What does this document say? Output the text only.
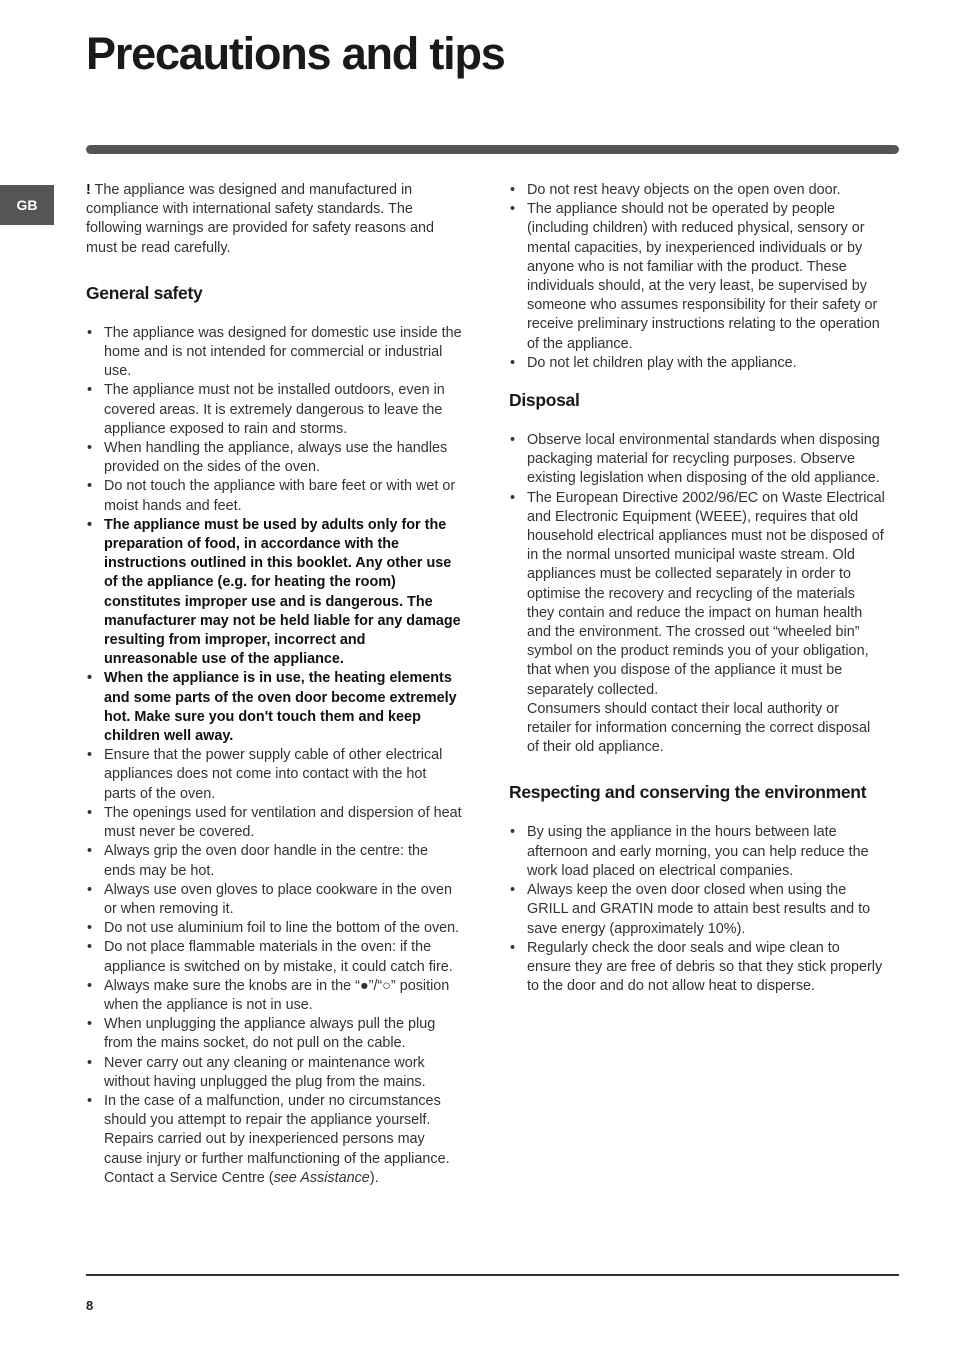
Precautions and tips
GB

! The appliance was designed and manufactured in compliance with international safety standards. The following warnings are provided for safety reasons and must be read carefully.

General safety
• The appliance was designed for domestic use inside the home and is not intended for commercial or industrial use.
• The appliance must not be installed outdoors, even in covered areas. It is extremely dangerous to leave the appliance exposed to rain and storms.
• When handling the appliance, always use the handles provided on the sides of the oven.
• Do not touch the appliance with bare feet or with wet or moist hands and feet.
• The appliance must be used by adults only for the preparation of food, in accordance with the instructions outlined in this booklet. Any other use of the appliance (e.g. for heating the room) constitutes improper use and is dangerous. The manufacturer may not be held liable for any damage resulting from improper, incorrect and unreasonable use of the appliance.
• When the appliance is in use, the heating elements and some parts of the oven door become extremely hot. Make sure you don't touch them and keep children well away.
• Ensure that the power supply cable of other electrical appliances does not come into contact with the hot parts of the oven.
• The openings used for ventilation and dispersion of heat must never be covered.
• Always grip the oven door handle in the centre: the ends may be hot.
• Always use oven gloves to place cookware in the oven or when removing it.
• Do not use aluminium foil to line the bottom of the oven.
• Do not place flammable materials in the oven: if the appliance is switched on by mistake, it could catch fire.
• Always make sure the knobs are in the “●”/“○” position when the appliance is not in use.
• When unplugging the appliance always pull the plug from the mains socket, do not pull on the cable.
• Never carry out any cleaning or maintenance work without having unplugged the plug from the mains.
• In the case of a malfunction, under no circumstances should you attempt to repair the appliance yourself. Repairs carried out by inexperienced persons may cause injury or further malfunctioning of the appliance. Contact a Service Centre (see Assistance).
• Do not rest heavy objects on the open oven door.
• The appliance should not be operated by people (including children) with reduced physical, sensory or mental capacities, by inexperienced individuals or by anyone who is not familiar with the product. These individuals should, at the very least, be supervised by someone who assumes responsibility for their safety or receive preliminary instructions relating to the operation of the appliance.
• Do not let children play with the appliance.
Disposal
• Observe local environmental standards when disposing packaging material for recycling purposes. Observe existing legislation when disposing of the old appliance.
• The European Directive 2002/96/EC on Waste Electrical and Electronic Equipment (WEEE), requires that old household electrical appliances must not be disposed of in the normal unsorted municipal waste stream. Old appliances must be collected separately in order to optimise the recovery and recycling of the materials they contain and reduce the impact on human health and the environment. The crossed out “wheeled bin” symbol on the product reminds you of your obligation, that when you dispose of the appliance it must be separately collected.
Consumers should contact their local authority or retailer for information concerning the correct disposal of their old appliance.
Respecting and conserving the environment
• By using the appliance in the hours between late afternoon and early morning, you can help reduce the work load placed on electrical companies.
• Always keep the oven door closed when using the GRILL and GRATIN mode to attain best results and to save energy (approximately 10%).
• Regularly check the door seals and wipe clean to ensure they are free of debris so that they stick properly to the door and do not allow heat to disperse.
8
